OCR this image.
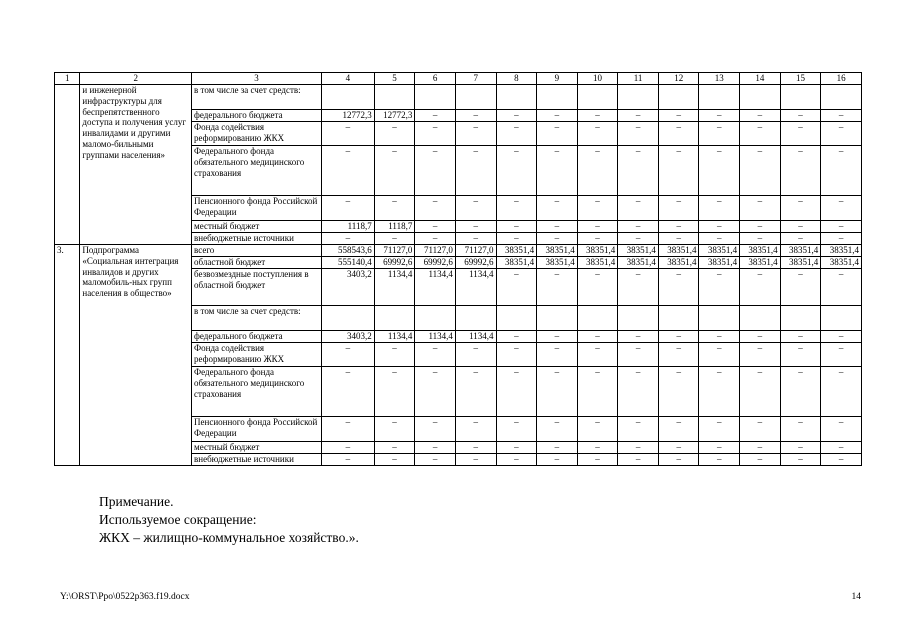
1	2	3	4	5	6	7	8	9	10	11	12	13	14	15	16
	и инженерной инфраструктуры для беспрепятственного доступа и получения услуг инвалидами и другими маломо-бильными группами населения»	в том числе за счет средств:													
		федерального бюджета	12772,3	12772,3	–	–	–	–	–	–	–	–	–	–	–
		Фонда содействия реформированию ЖКХ	–	–	–	–	–	–	–	–	–	–	–	–	–
		Федерального фонда обязательного медицинского страхования	–	–	–	–	–	–	–	–	–	–	–	–	–
		Пенсионного фонда Российской Федерации	–	–	–	–	–	–	–	–	–	–	–	–	–
		местный бюджет	1118,7	1118,7	–	–	–	–	–	–	–	–	–	–	–
		внебюджетные источники	–	–	–	–	–	–	–	–	–	–	–	–	–
3.	Подпрограмма «Социальная интеграция инвалидов и других маломобиль-ных групп населения в общество»	всего	558543,6	71127,0	71127,0	71127,0	38351,4	38351,4	38351,4	38351,4	38351,4	38351,4	38351,4	38351,4	38351,4
		областной бюджет	555140,4	69992,6	69992,6	69992,6	38351,4	38351,4	38351,4	38351,4	38351,4	38351,4	38351,4	38351,4	38351,4
		безвозмездные поступления в областной бюджет	3403,2	1134,4	1134,4	1134,4	–	–	–	–	–	–	–	–	–
		в том числе за счет средств:													
		федерального бюджета	3403,2	1134,4	1134,4	1134,4	–	–	–	–	–	–	–	–	–
		Фонда содействия реформированию ЖКХ	–	–	–	–	–	–	–	–	–	–	–	–	–
		Федерального фонда обязательного медицинского страхования	–	–	–	–	–	–	–	–	–	–	–	–	–
		Пенсионного фонда Российской Федерации	–	–	–	–	–	–	–	–	–	–	–	–	–
		местный бюджет	–	–	–	–	–	–	–	–	–	–	–	–	–
		внебюджетные источники	–	–	–	–	–	–	–	–	–	–	–	–	–
Примечание.
Используемое сокращение:
ЖКХ – жилищно-коммунальное хозяйство.».
Y:\ORST\Ppo\0522p363.f19.docx	14
